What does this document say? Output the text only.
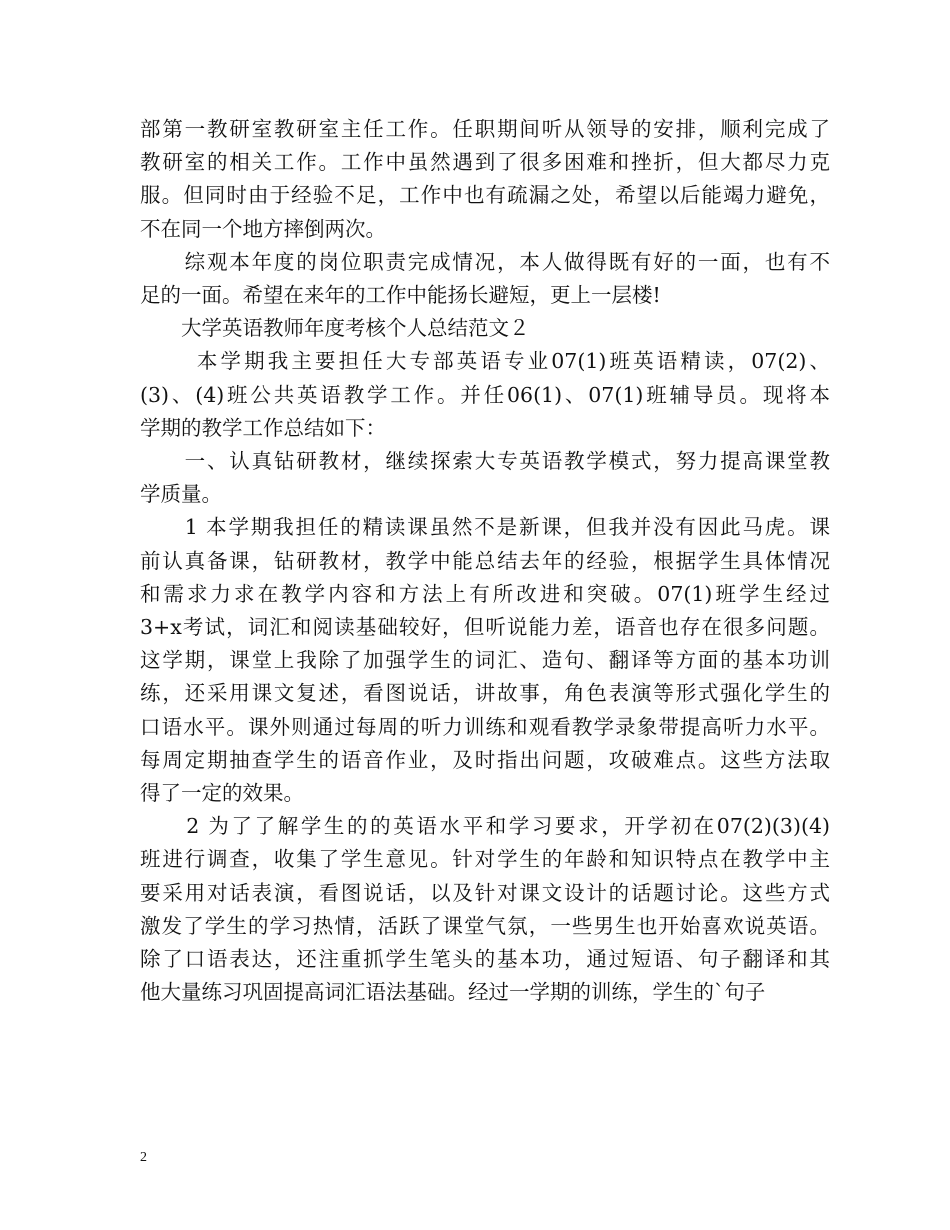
部第一教研室教研室主任工作。任职期间听从领导的安排，顺利完成了
教研室的相关工作。工作中虽然遇到了很多困难和挫折，但大都尽力克
服。但同时由于经验不足，工作中也有疏漏之处，希望以后能竭力避免，
不在同一个地方摔倒两次。
　　综观本年度的岗位职责完成情况，本人做得既有好的一面，也有不
足的一面。希望在来年的工作中能扬长避短，更上一层楼!
　　大学英语教师年度考核个人总结范文２
　　 本学期我主要担任大专部英语专业07(1)班英语精读，07(2)、
(3)、(4)班公共英语教学工作。并任06(1)、07(1)班辅导员。现将本
学期的教学工作总结如下：
　　一、认真钻研教材，继续探索大专英语教学模式，努力提高课堂教
学质量。
　　1 本学期我担任的精读课虽然不是新课，但我并没有因此马虎。课
前认真备课，钻研教材，教学中能总结去年的经验，根据学生具体情况
和需求力求在教学内容和方法上有所改进和突破。07(1)班学生经过
3+x考试，词汇和阅读基础较好，但听说能力差，语音也存在很多问题。
这学期，课堂上我除了加强学生的词汇、造句、翻译等方面的基本功训
练，还采用课文复述，看图说话，讲故事，角色表演等形式强化学生的
口语水平。课外则通过每周的听力训练和观看教学录象带提高听力水平。
每周定期抽查学生的语音作业，及时指出问题，攻破难点。这些方法取
得了一定的效果。
　　2 为了了解学生的的英语水平和学习要求，开学初在07(2)(3)(4)
班进行调查，收集了学生意见。针对学生的年龄和知识特点在教学中主
要采用对话表演，看图说话，以及针对课文设计的话题讨论。这些方式
激发了学生的学习热情，活跃了课堂气氛，一些男生也开始喜欢说英语。
除了口语表达，还注重抓学生笔头的基本功，通过短语、句子翻译和其
他大量练习巩固提高词汇语法基础。经过一学期的训练，学生的`句子
2
